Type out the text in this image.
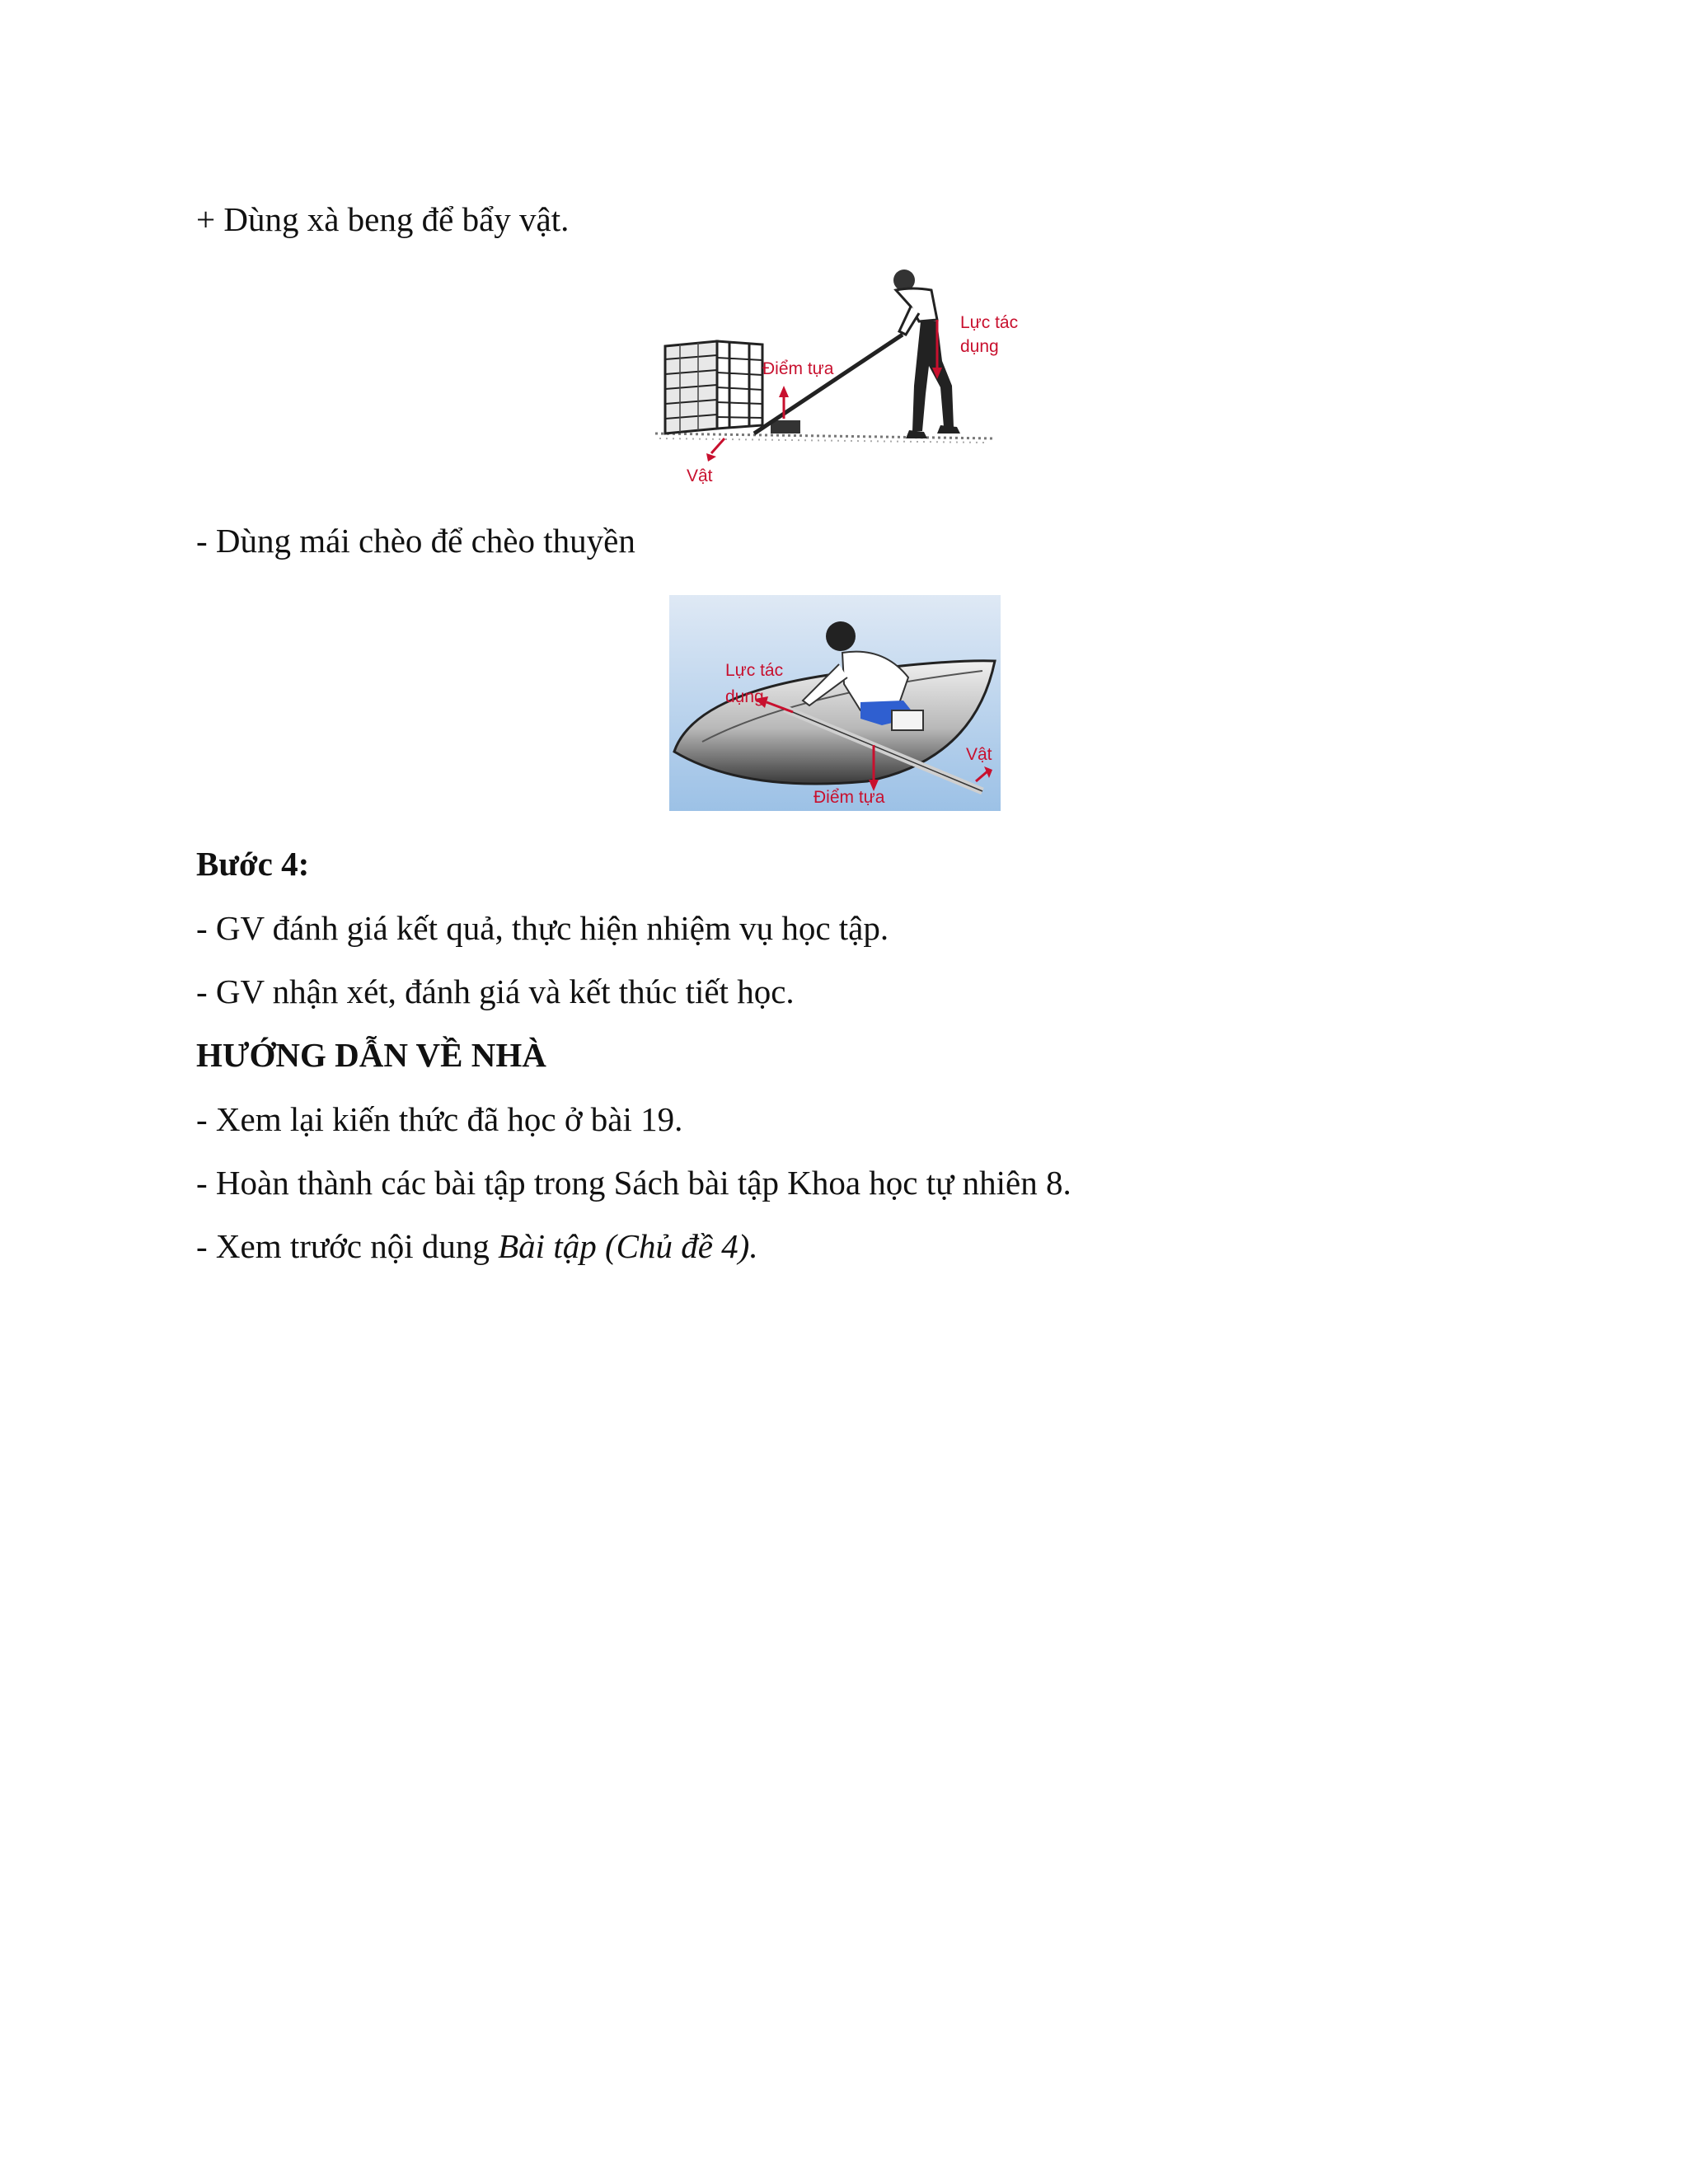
+ Dùng xà beng để bẩy vật.
Lực tác
dụng
Điểm tựa
Vật
- Dùng mái chèo để chèo thuyền
Lực tác
dụng
Điểm tựa
Vật
Bước 4:
- GV đánh giá kết quả, thực hiện nhiệm vụ học tập.
- GV nhận xét, đánh giá và kết thúc tiết học.
HƯỚNG DẪN VỀ NHÀ
- Xem lại kiến thức đã học ở bài 19.
- Hoàn thành các bài tập trong Sách bài tập Khoa học tự nhiên 8.
- Xem trước nội dung Bài tập (Chủ đề 4).
